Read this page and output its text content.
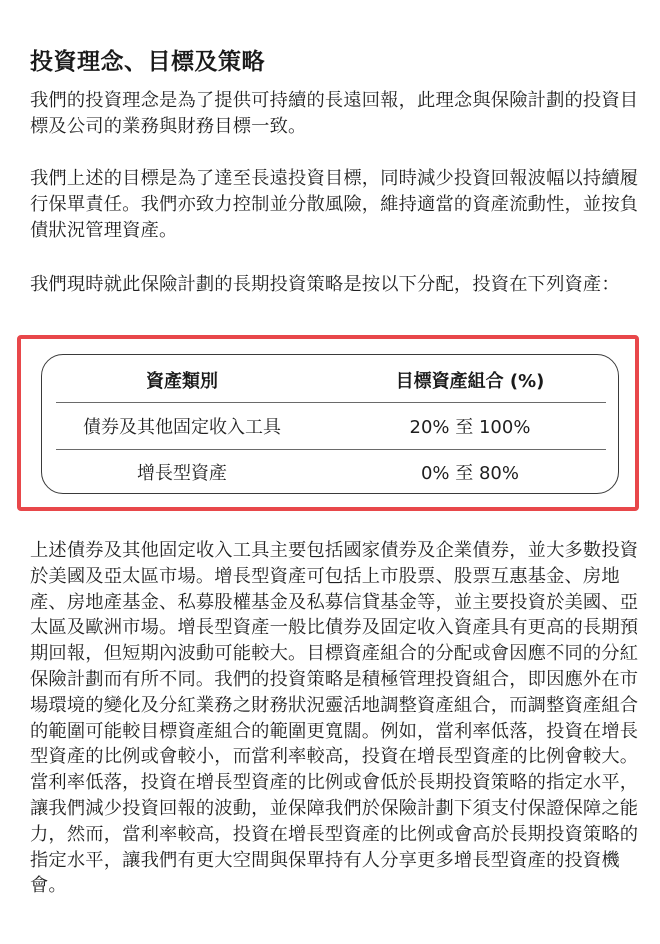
投資理念、目標及策略

我們的投資理念是為了提供可持續的長遠回報，此理念與保險計劃的投資目標及公司的業務與財務目標一致。

我們上述的目標是為了達至長遠投資目標，同時減少投資回報波幅以持續履行保單責任。我們亦致力控制並分散風險，維持適當的資產流動性，並按負債狀況管理資產。

我們現時就此保險計劃的長期投資策略是按以下分配，投資在下列資產：

資產類別	目標資產組合 (%)
債券及其他固定收入工具	20% 至 100%
增長型資產	0% 至 80%

上述債券及其他固定收入工具主要包括國家債券及企業債券，並大多數投資於美國及亞太區市場。增長型資產可包括上市股票、股票互惠基金、房地產、房地產基金、私募股權基金及私募信貸基金等，並主要投資於美國、亞太區及歐洲市場。增長型資產一般比債券及固定收入資產具有更高的長期預期回報，但短期內波動可能較大。目標資產組合的分配或會因應不同的分紅保險計劃而有所不同。我們的投資策略是積極管理投資組合，即因應外在市場環境的變化及分紅業務之財務狀況靈活地調整資產組合，而調整資產組合的範圍可能較目標資產組合的範圍更寬闊。例如，當利率低落，投資在增長型資產的比例或會較小，而當利率較高，投資在增長型資產的比例會較大。當利率低落，投資在增長型資產的比例或會低於長期投資策略的指定水平，讓我們減少投資回報的波動，並保障我們於保險計劃下須支付保證保障之能力，然而，當利率較高，投資在增長型資產的比例或會高於長期投資策略的指定水平，讓我們有更大空間與保單持有人分享更多增長型資產的投資機會。
